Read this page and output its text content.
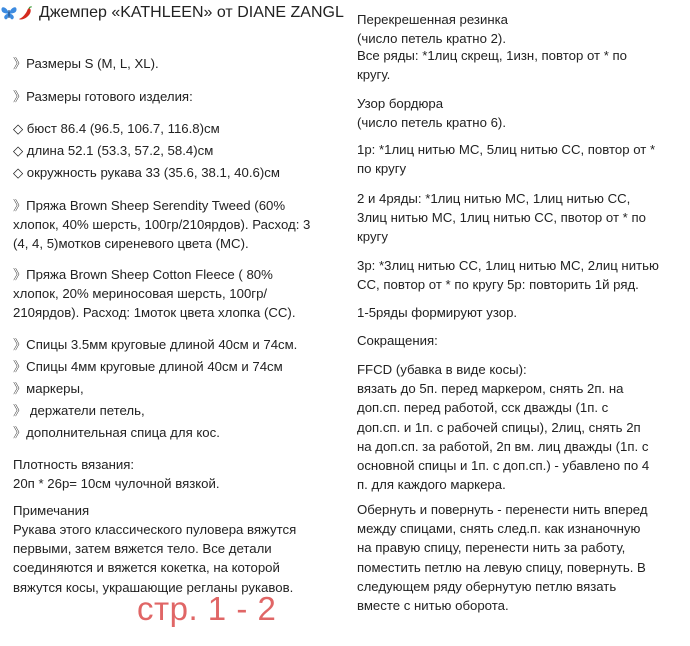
Джемпер «KATHLEEN» от DIANE ZANGL

》Размеры S (M, L, XL).

》Размеры готового изделия:

◇ бюст 86.4 (96.5, 106.7, 116.8)см

◇ длина 52.1 (53.3, 57.2, 58.4)см

◇ окружность рукава 33 (35.6, 38.1, 40.6)см

》Пряжа Brown Sheep Serendity Tweed (60%
хлопок, 40% шерсть, 100гр/210ярдов). Расход: 3
(4, 4, 5)мотков сиреневого цвета (MC).

》Пряжа Brown Sheep Cotton Fleece ( 80%
хлопок, 20% мериносовая шерсть, 100гр/
210ярдов). Расход: 1моток цвета хлопка (CC).

》Спицы 3.5мм круговые длиной 40см и 74см.

》Спицы 4мм круговые длиной 40см и 74см

》маркеры,

》 держатели петель,

》дополнительная спица для кос.

Плотность вязания:

20п * 26р= 10см чулочной вязкой.

Примечания

Рукава этого классического пуловера вяжутся
первыми, затем вяжется тело. Все детали
соединяются и вяжется кокетка, на которой
вяжутся косы, украшающие регланы рукавов.

стр. 1 - 2

Перекрешенная резинка
(число петель кратно 2).

Все ряды: *1лиц скрещ, 1изн, повтор от * по
кругу.

Узор бордюра
(число петель кратно 6).

1р: *1лиц нитью МС, 5лиц нитью CC, повтор от *
по кругу

2 и 4ряды: *1лиц нитью MC, 1лиц нитью CC,
3лиц нитью MC, 1лиц нитью CC, пвотор от * по
кругу

3р: *3лиц нитью CC, 1лиц нитью MC, 2лиц нитью
CC, повтор от * по кругу 5р: повторить 1й ряд.

1-5ряды формируют узор.

Сокращения:

FFCD (убавка в виде косы):
вязать до 5п. перед маркером, снять 2п. на
доп.сп. перед работой, сск дважды (1п. с
доп.сп. и 1п. с рабочей спицы), 2лиц, снять 2п
на доп.сп. за работой, 2п вм. лиц дважды (1п. с
основной спицы и 1п. с доп.сп.) - убавлено по 4
п. для каждого маркера.

Обернуть и повернуть - перенести нить вперед
между спицами, снять след.п. как изнаночную
на правую спицу, перенести нить за работу,
поместить петлю на левую спицу, повернуть. В
следующем ряду обернутую петлю вязать
вместе с нитью оборота.
